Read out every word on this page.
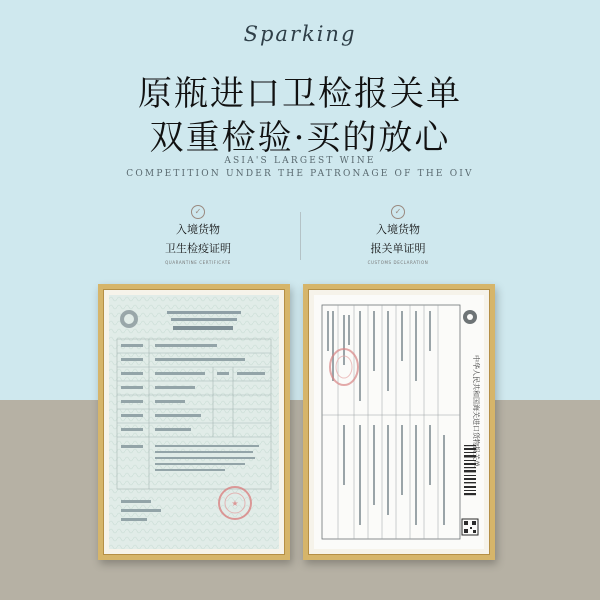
Sparking
原瓶进口卫检报关单
双重检验·买的放心
ASIA'S LARGEST WINE
COMPETITION UNDER THE PATRONAGE OF THE OIV
✓
入境货物
卫生检疫证明
QUARANTINE CERTIFICATE
✓
入境货物
报关单证明
CUSTOMS DECLARATION
★
中华人民共和国海关进口货物报关单
